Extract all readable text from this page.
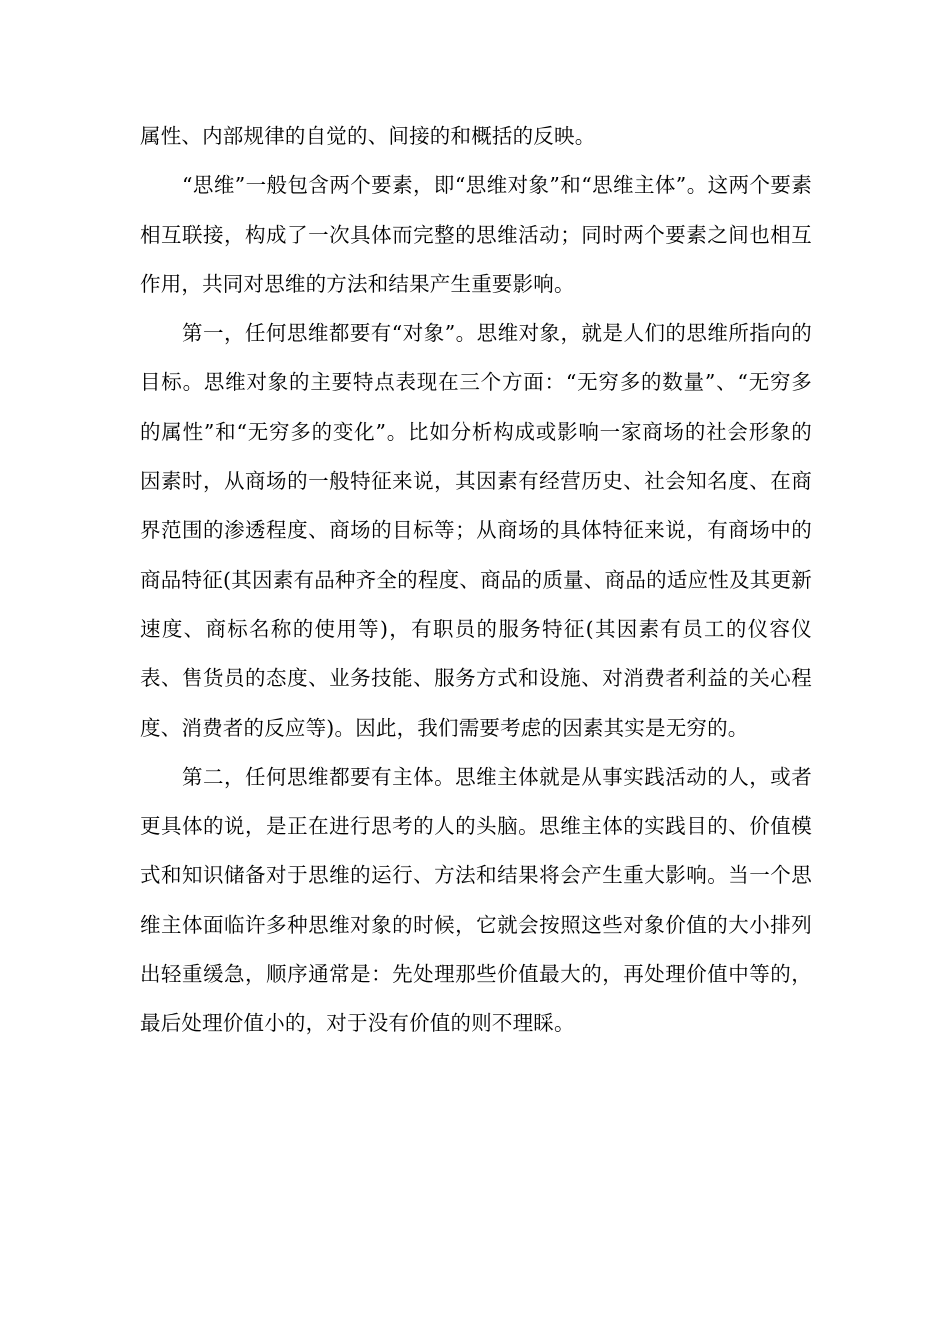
属性、内部规律的自觉的、间接的和概括的反映。

“思维”一般包含两个要素，即“思维对象”和“思维主体”。这两个要素相互联接，构成了一次具体而完整的思维活动；同时两个要素之间也相互作用，共同对思维的方法和结果产生重要影响。

第一，任何思维都要有“对象”。思维对象，就是人们的思维所指向的目标。思维对象的主要特点表现在三个方面：“无穷多的数量”、“无穷多的属性”和“无穷多的变化”。比如分析构成或影响一家商场的社会形象的因素时，从商场的一般特征来说，其因素有经营历史、社会知名度、在商界范围的渗透程度、商场的目标等；从商场的具体特征来说，有商场中的商品特征(其因素有品种齐全的程度、商品的质量、商品的适应性及其更新速度、商标名称的使用等)，有职员的服务特征(其因素有员工的仪容仪表、售货员的态度、业务技能、服务方式和设施、对消费者利益的关心程度、消费者的反应等)。因此，我们需要考虑的因素其实是无穷的。

第二，任何思维都要有主体。思维主体就是从事实践活动的人，或者更具体的说，是正在进行思考的人的头脑。思维主体的实践目的、价值模式和知识储备对于思维的运行、方法和结果将会产生重大影响。当一个思维主体面临许多种思维对象的时候，它就会按照这些对象价值的大小排列出轻重缓急，顺序通常是：先处理那些价值最大的，再处理价值中等的，最后处理价值小的，对于没有价值的则不理睬。
